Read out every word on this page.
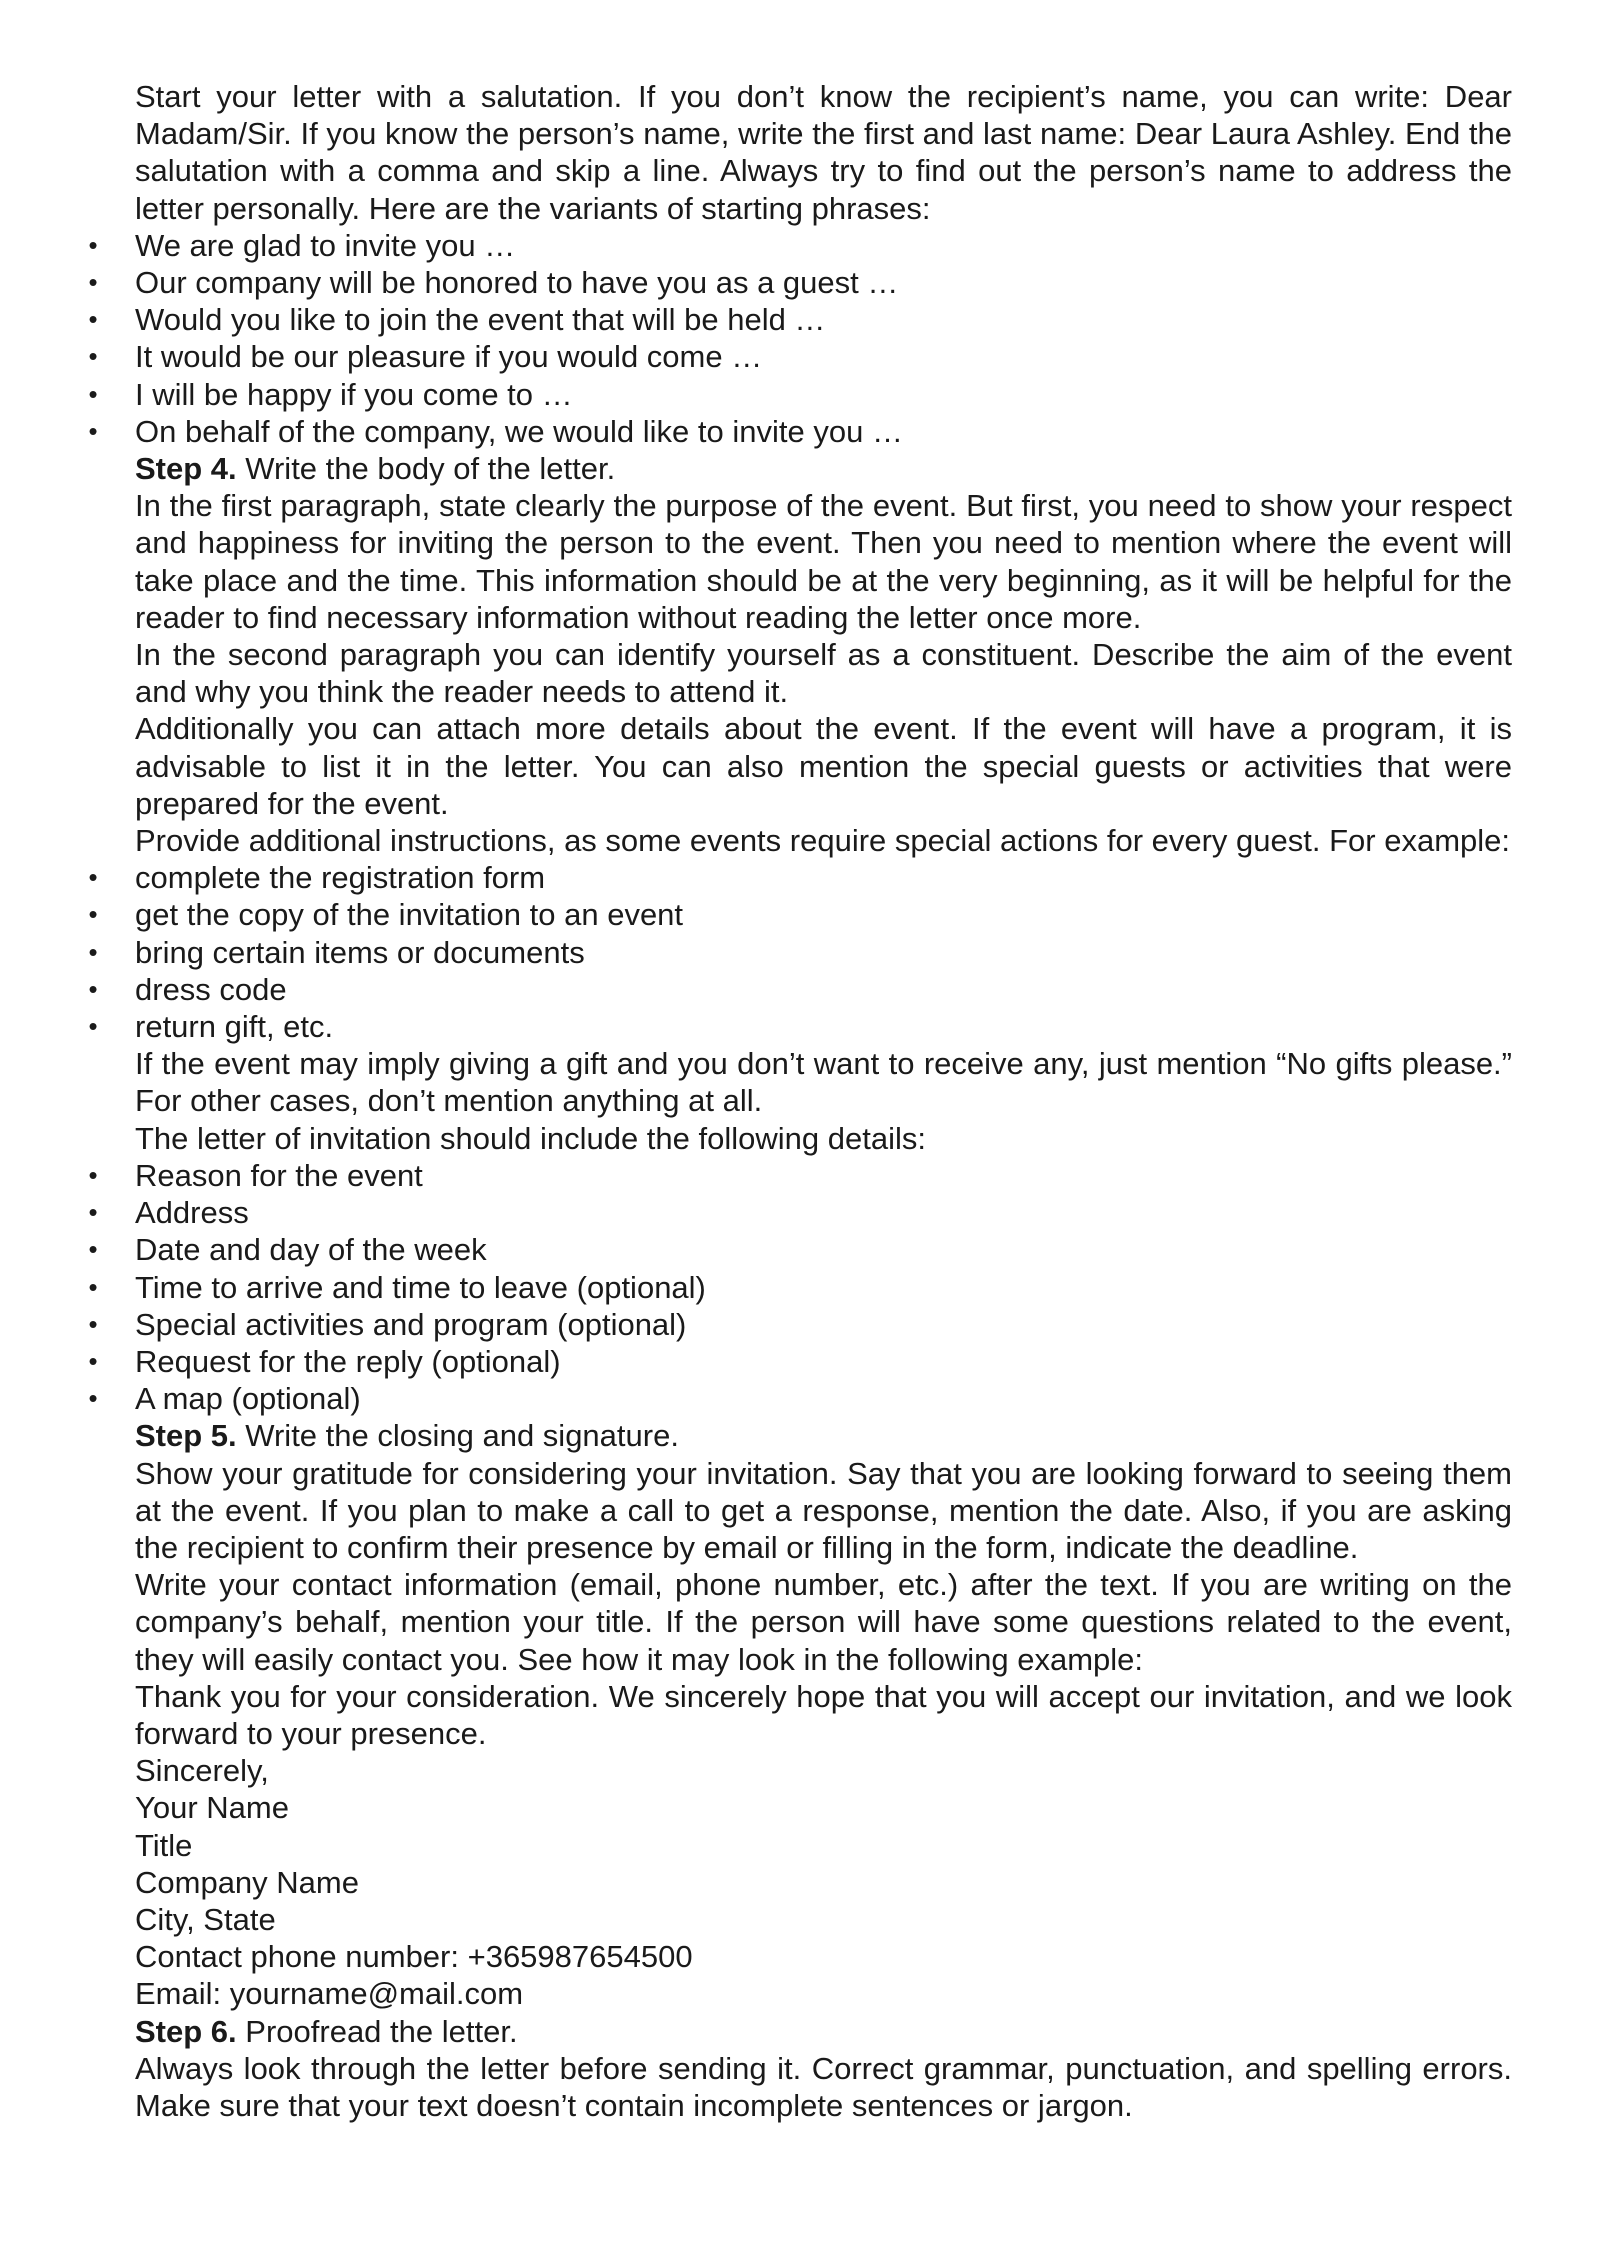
Start your letter with a salutation. If you don’t know the recipient’s name, you can write: Dear Madam/Sir. If you know the person’s name, write the first and last name: Dear Laura Ashley. End the salutation with a comma and skip a line. Always try to find out the person’s name to address the letter personally. Here are the variants of starting phrases:

• We are glad to invite you …
• Our company will be honored to have you as a guest …
• Would you like to join the event that will be held …
• It would be our pleasure if you would come …
• I will be happy if you come to …
• On behalf of the company, we would like to invite you …

Step 4. Write the body of the letter.

In the first paragraph, state clearly the purpose of the event. But first, you need to show your respect and happiness for inviting the person to the event. Then you need to mention where the event will take place and the time. This information should be at the very beginning, as it will be helpful for the reader to find necessary information without reading the letter once more.

In the second paragraph you can identify yourself as a constituent. Describe the aim of the event and why you think the reader needs to attend it.

Additionally you can attach more details about the event. If the event will have a program, it is advisable to list it in the letter. You can also mention the special guests or activities that were prepared for the event.

Provide additional instructions, as some events require special actions for every guest. For example:

• complete the registration form
• get the copy of the invitation to an event
• bring certain items or documents
• dress code
• return gift, etc.

If the event may imply giving a gift and you don’t want to receive any, just mention “No gifts please.” For other cases, don’t mention anything at all.

The letter of invitation should include the following details:

• Reason for the event
• Address
• Date and day of the week
• Time to arrive and time to leave (optional)
• Special activities and program (optional)
• Request for the reply (optional)
• A map (optional)

Step 5. Write the closing and signature.

Show your gratitude for considering your invitation. Say that you are looking forward to seeing them at the event. If you plan to make a call to get a response, mention the date. Also, if you are asking the recipient to confirm their presence by email or filling in the form, indicate the deadline.

Write your contact information (email, phone number, etc.) after the text. If you are writing on the company’s behalf, mention your title. If the person will have some questions related to the event, they will easily contact you. See how it may look in the following example:

Thank you for your consideration. We sincerely hope that you will accept our invitation, and we look forward to your presence.

Sincerely,

Your Name

Title

Company Name

City, State

Contact phone number: +365987654500

Email: yourname@mail.com

Step 6. Proofread the letter.

Always look through the letter before sending it. Correct grammar, punctuation, and spelling errors. Make sure that your text doesn’t contain incomplete sentences or jargon.
